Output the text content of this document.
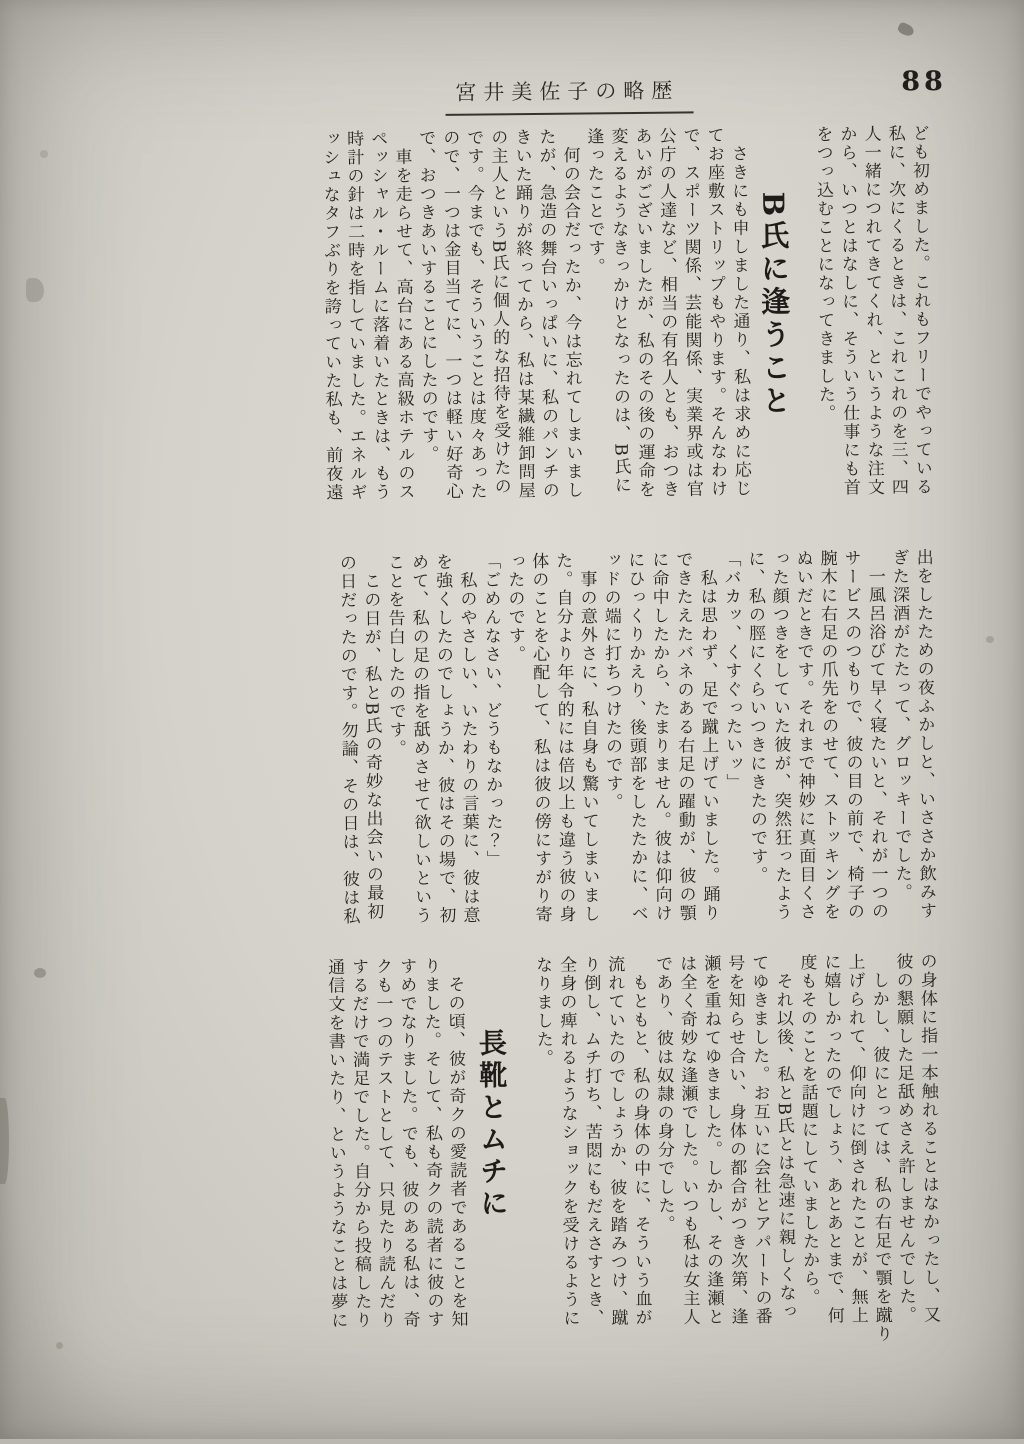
宮井美佐子の略歴	88

ども初めました。これもフリーでやっている

私に、次にくるときは、これこれのを三、四

人一緒につれてきてくれ、というような注文

から、いつとはなしに、そういう仕事にも首

をつっ込むことになってきました。

B氏に逢うこと

　さきにも申しました通り、私は求めに応じ

てお座敷ストリップもやります。そんなわけ

で、スポーツ関係、芸能関係、実業界或は官

公庁の人達など、相当の有名人とも、おつき

あいがございましたが、私のその後の運命を

変えるようなきっかけとなったのは、B氏に

逢ったことです。

　何の会合だったか、今は忘れてしまいまし

たが、急造の舞台いっぱいに、私のパンチの

きいた踊りが終ってから、私は某繊維卸問屋

の主人というB氏に個人的な招待を受けたの

です。今までも、そういうことは度々あった

ので、一つは金目当てに、一つは軽い好奇心

で、おつきあいすることにしたのです。

　車を走らせて、高台にある高級ホテルのス

ペッシャル・ルームに落着いたときは、もう

時計の針は二時を指していました。エネルギ

ッシュなタフぶりを誇っていた私も、前夜遠

出をしたための夜ふかしと、いささか飲みす

ぎた深酒がたたって、グロッキーでした。

　一風呂浴びて早く寝たいと、それが一つの

サービスのつもりで、彼の目の前で、椅子の

腕木に右足の爪先をのせて、ストッキングを

ぬいだときです。それまで神妙に真面目くさ

った顔つきをしていた彼が、突然狂ったよう

に、私の脛にくらいつきにきたのです。

「バカッ、くすぐったいッ」

　私は思わず、足で蹴上げていました。踊り

できたえたバネのある右足の躍動が、彼の顎

に命中したから、たまりません。彼は仰向け

にひっくりかえり、後頭部をしたたかに、ベ

ッドの端に打ちつけたのです。

　事の意外さに、私自身も驚いてしまいまし

た。自分より年令的には倍以上も違う彼の身

体のことを心配して、私は彼の傍にすがり寄

ったのです。

「ごめんなさい、どうもなかった？」

　私のやさしい、いたわりの言葉に、彼は意

を強くしたのでしょうか、彼はその場で、初

めて、私の足の指を舐めさせて欲しいという

ことを告白したのです。

　この日が、私とB氏の奇妙な出会いの最初

の日だったのです。勿論、その日は、彼は私

の身体に指一本触れることはなかったし、又

彼の懇願した足舐めさえ許しませんでした。

　しかし、彼にとっては、私の右足で顎を蹴り

上げられて、仰向けに倒されたことが、無上

に嬉しかったのでしょう、あとあとまで、何

度もそのことを話題にしていましたから。

　それ以後、私とB氏とは急速に親しくなっ

てゆきました。お互いに会社とアパートの番

号を知らせ合い、身体の都合がつき次第、逢

瀬を重ねてゆきました。しかし、その逢瀬と

は全く奇妙な逢瀬でした。いつも私は女主人

であり、彼は奴隷の身分でした。

　もともと、私の身体の中に、そういう血が

流れていたのでしょうか、彼を踏みつけ、蹴

り倒し、ムチ打ち、苦悶にもだえさすとき、

全身の痺れるようなショックを受けるように

なりました。

長靴とムチに

　その頃、彼が奇クの愛読者であることを知

りました。そして、私も奇クの読者に彼のす

すめでなりました。でも、彼のある私は、奇

クも一つのテストとして、只見たり読んだり

するだけで満足でした。自分から投稿したり

通信文を書いたり、というようなことは夢に
